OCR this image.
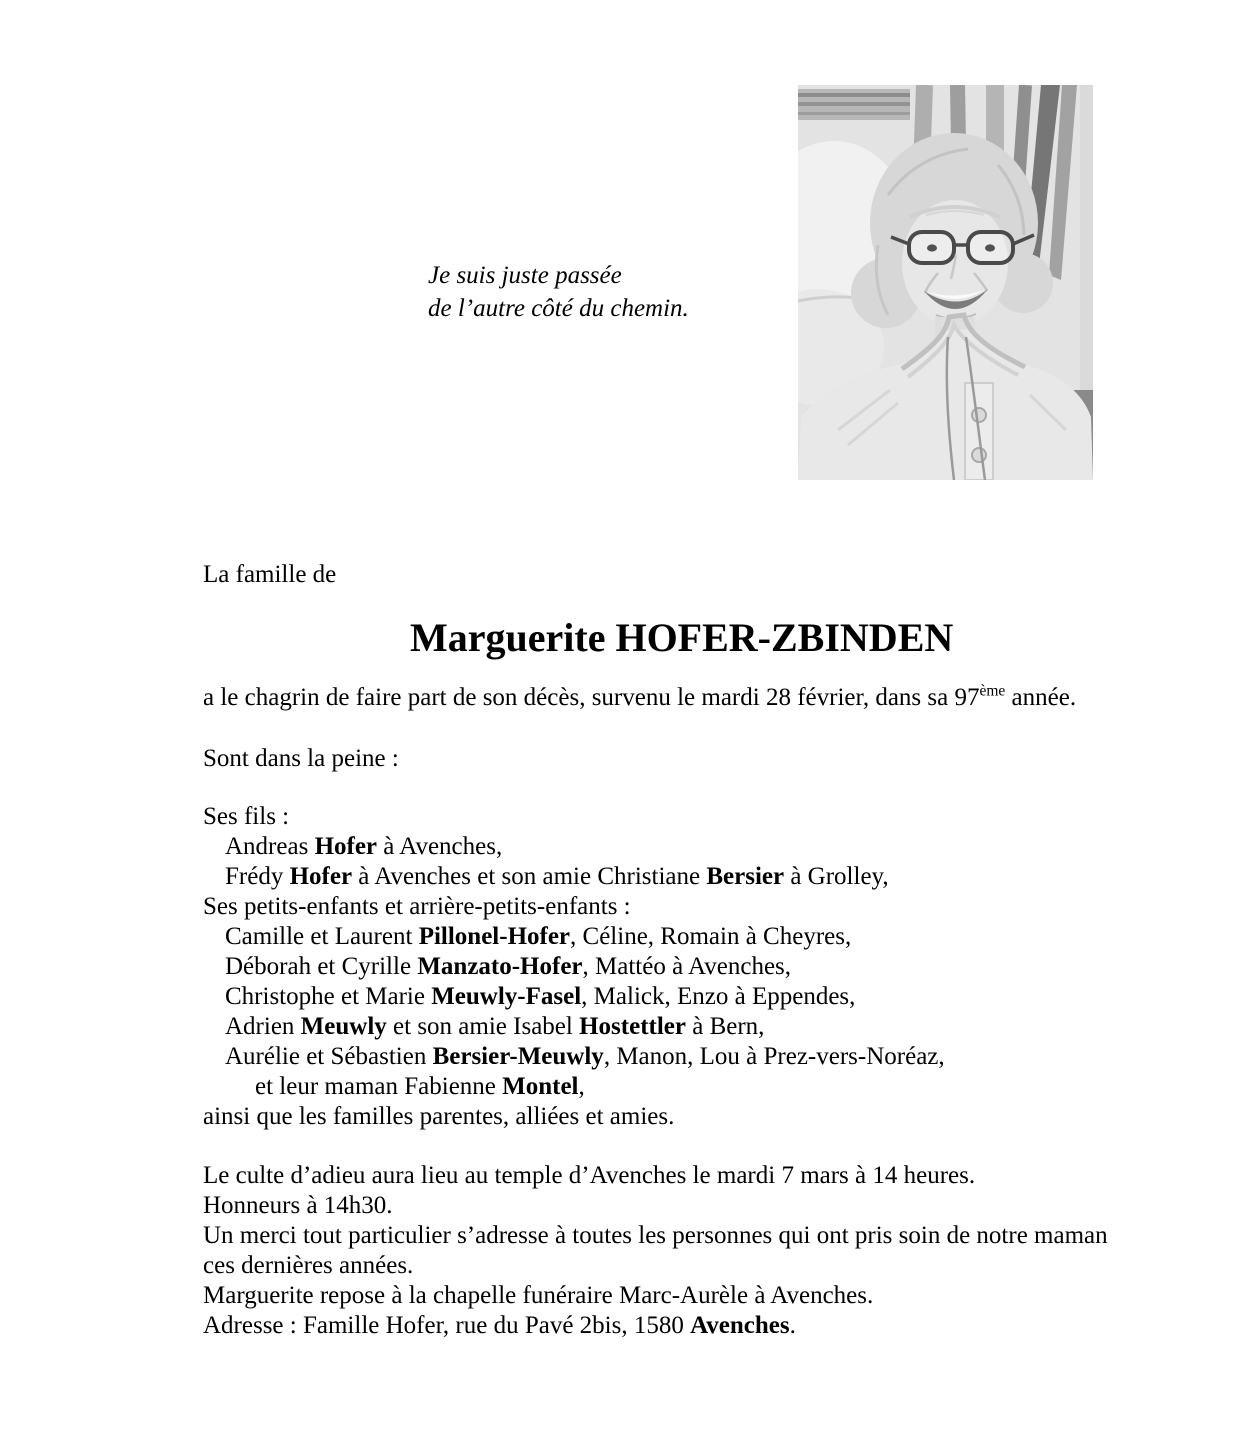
Je suis juste passée
de l’autre côté du chemin.
La famille de
Marguerite HOFER-ZBINDEN
a le chagrin de faire part de son décès, survenu le mardi 28 février, dans sa 97ème année.
Sont dans la peine :
Ses fils :
Andreas Hofer à Avenches,
Frédy Hofer à Avenches et son amie Christiane Bersier à Grolley,
Ses petits-enfants et arrière-petits-enfants :
Camille et Laurent Pillonel-Hofer, Céline, Romain à Cheyres,
Déborah et Cyrille Manzato-Hofer, Mattéo à Avenches,
Christophe et Marie Meuwly-Fasel, Malick, Enzo à Eppendes,
Adrien Meuwly et son amie Isabel Hostettler à Bern,
Aurélie et Sébastien Bersier-Meuwly, Manon, Lou à Prez-vers-Noréaz,
et leur maman Fabienne Montel,
ainsi que les familles parentes, alliées et amies.
Le culte d’adieu aura lieu au temple d’Avenches le mardi 7 mars à 14 heures.
Honneurs à 14h30.
Un merci tout particulier s’adresse à toutes les personnes qui ont pris soin de notre maman
ces dernières années.
Marguerite repose à la chapelle funéraire Marc-Aurèle à Avenches.
Adresse : Famille Hofer, rue du Pavé 2bis, 1580 Avenches.
